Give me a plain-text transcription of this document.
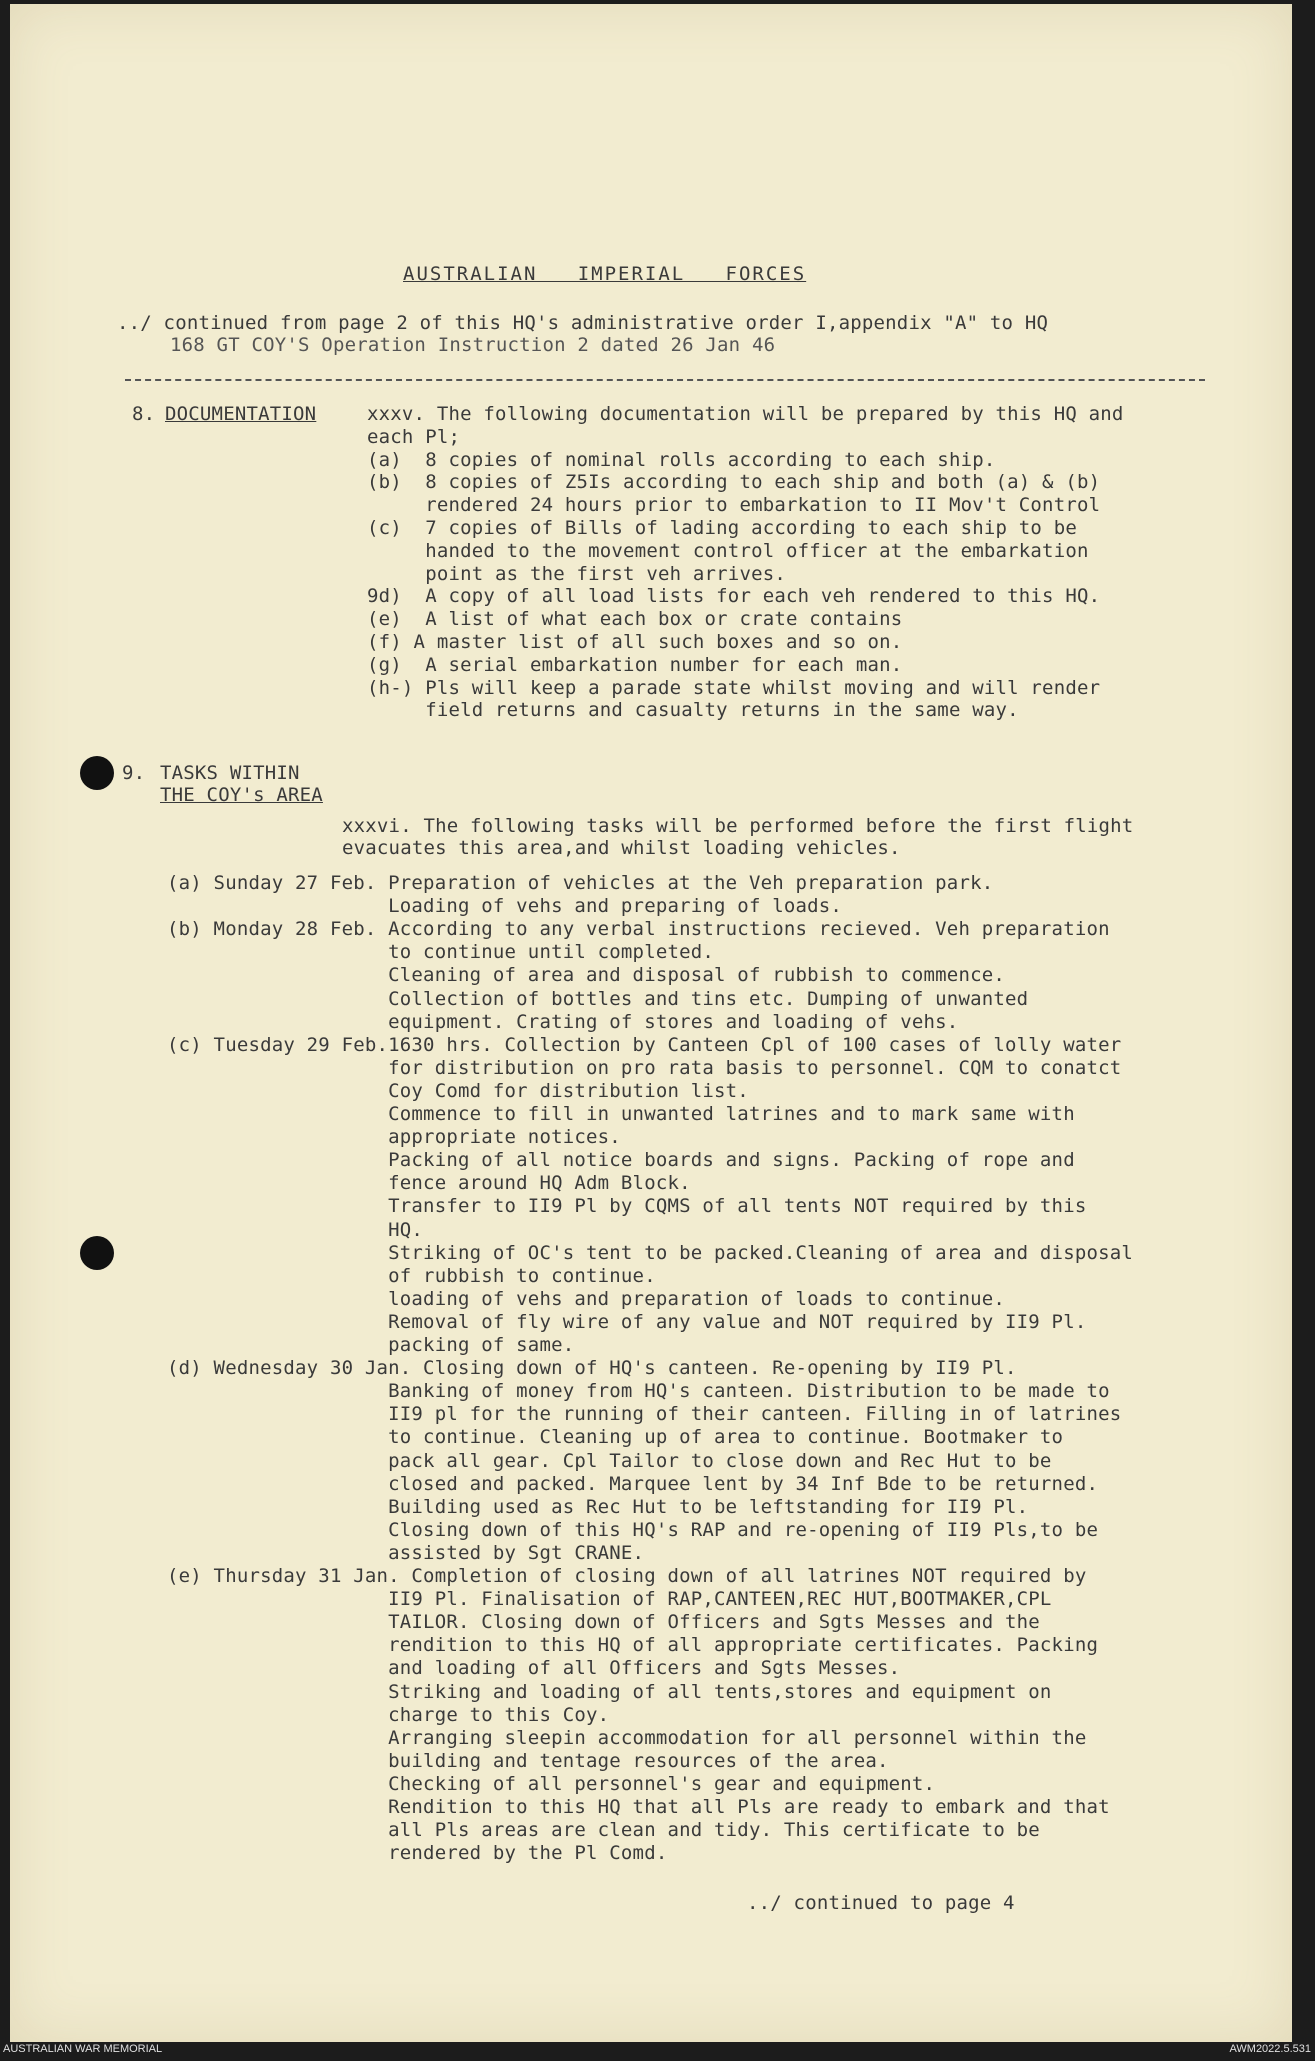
AUSTRALIAN   IMPERIAL   FORCES
../ continued from page 2 of this HQ's administrative order I,appendix "A" to HQ
168 GT COY'S Operation Instruction 2 dated 26 Jan 46
8. DOCUMENTATION	xxxv. The following documentation will be prepared by this HQ and
each Pl;
(a)  8 copies of nominal rolls according to each ship.
(b)  8 copies of Z5Is according to each ship and both (a) & (b)
rendered 24 hours prior to embarkation to II Mov't Control
(c)  7 copies of Bills of lading according to each ship to be
handed to the movement control officer at the embarkation
point as the first veh arrives.
9d)  A copy of all load lists for each veh rendered to this HQ.
(e)  A list of what each box or crate contains
(f) A master list of all such boxes and so on.
(g)  A serial embarkation number for each man.
(h-) Pls will keep a parade state whilst moving and will render
field returns and casualty returns in the same way.
9. TASKS WITHIN
THE COY's AREA
xxxvi. The following tasks will be performed before the first flight
evacuates this area,and whilst loading vehicles.
(a) Sunday 27 Feb. Preparation of vehicles at the Veh preparation park.
Loading of vehs and preparing of loads.
(b) Monday 28 Feb. According to any verbal instructions recieved. Veh preparation
to continue until completed.
Cleaning of area and disposal of rubbish to commence.
Collection of bottles and tins etc. Dumping of unwanted
equipment. Crating of stores and loading of vehs.
(c) Tuesday 29 Feb.1630 hrs. Collection by Canteen Cpl of 100 cases of lolly water
for distribution on pro rata basis to personnel. CQM to conatct
Coy Comd for distribution list.
Commence to fill in unwanted latrines and to mark same with
appropriate notices.
Packing of all notice boards and signs. Packing of rope and
fence around HQ Adm Block.
Transfer to II9 Pl by CQMS of all tents NOT required by this
HQ.
Striking of OC's tent to be packed.Cleaning of area and disposal
of rubbish to continue.
loading of vehs and preparation of loads to continue.
Removal of fly wire of any value and NOT required by II9 Pl.
packing of same.
(d) Wednesday 30 Jan. Closing down of HQ's canteen. Re-opening by II9 Pl.
Banking of money from HQ's canteen. Distribution to be made to
II9 pl for the running of their canteen. Filling in of latrines
to continue. Cleaning up of area to continue. Bootmaker to
pack all gear. Cpl Tailor to close down and Rec Hut to be
closed and packed. Marquee lent by 34 Inf Bde to be returned.
Building used as Rec Hut to be leftstanding for II9 Pl.
Closing down of this HQ's RAP and re-opening of II9 Pls,to be
assisted by Sgt CRANE.
(e) Thursday 31 Jan. Completion of closing down of all latrines NOT required by
II9 Pl. Finalisation of RAP,CANTEEN,REC HUT,BOOTMAKER,CPL
TAILOR. Closing down of Officers and Sgts Messes and the
rendition to this HQ of all appropriate certificates. Packing
and loading of all Officers and Sgts Messes.
Striking and loading of all tents,stores and equipment on
charge to this Coy.
Arranging sleepin accommodation for all personnel within the
building and tentage resources of the area.
Checking of all personnel's gear and equipment.
Rendition to this HQ that all Pls are ready to embark and that
all Pls areas are clean and tidy. This certificate to be
rendered by the Pl Comd.
../ continued to page 4
AUSTRALIAN WAR MEMORIAL	AWM2022.5.531
